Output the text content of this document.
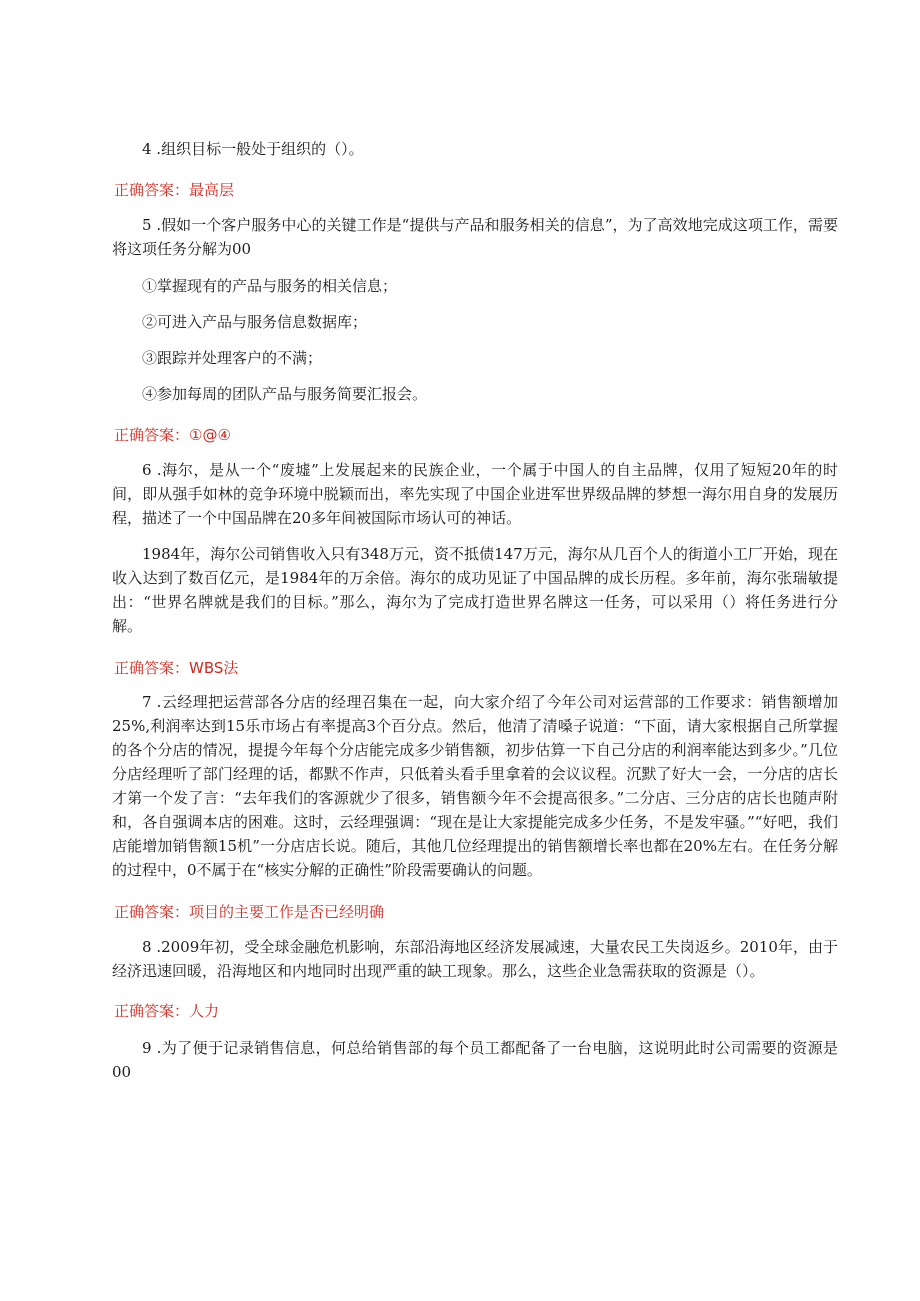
4 .组织目标一般处于组织的（）。

正确答案：最高层

5 .假如一个客户服务中心的关键工作是“提供与产品和服务相关的信息”，为了高效地完成这项工作，需要将这项任务分解为00

①掌握现有的产品与服务的相关信息；

②可进入产品与服务信息数据库；

③跟踪并处理客户的不满；

④参加每周的团队产品与服务简要汇报会。

正确答案：①@④

6 .海尔，是从一个“废墟”上发展起来的民族企业，一个属于中国人的自主品牌，仅用了短短20年的时间，即从强手如林的竞争环境中脱颖而出，率先实现了中国企业进军世界级品牌的梦想一海尔用自身的发展历程，描述了一个中国品牌在20多年间被国际市场认可的神话。

1984年，海尔公司销售收入只有348万元，资不抵债147万元，海尔从几百个人的街道小工厂开始，现在收入达到了数百亿元，是1984年的万余倍。海尔的成功见证了中国品牌的成长历程。多年前，海尔张瑞敏提出：“世界名牌就是我们的目标。”那么，海尔为了完成打造世界名牌这一任务，可以采用（）将任务进行分解。

正确答案：WBS法

7 .云经理把运营部各分店的经理召集在一起，向大家介绍了今年公司对运营部的工作要求：销售额增加25%,利润率达到15乐市场占有率提高3个百分点。然后，他清了清嗓子说道：“下面，请大家根据自己所掌握的各个分店的情况，提提今年每个分店能完成多少销售额，初步估算一下自己分店的利润率能达到多少。”几位分店经理听了部门经理的话，都默不作声，只低着头看手里拿着的会议议程。沉默了好大一会，一分店的店长才第一个发了言：“去年我们的客源就少了很多，销售额今年不会提高很多。”二分店、三分店的店长也随声附和，各自强调本店的困难。这时，云经理强调：“现在是让大家提能完成多少任务，不是发牢骚。”“好吧，我们店能增加销售额15机”一分店店长说。随后，其他几位经理提出的销售额增长率也都在20%左右。在任务分解的过程中，0不属于在“核实分解的正确性”阶段需要确认的问题。

正确答案：项目的主要工作是否已经明确

8 .2009年初，受全球金融危机影响，东部沿海地区经济发展减速，大量农民工失岗返乡。2010年，由于经济迅速回暖，沿海地区和内地同时出现严重的缺工现象。那么，这些企业急需获取的资源是（）。

正确答案：人力

9 .为了便于记录销售信息，何总给销售部的每个员工都配备了一台电脑，这说明此时公司需要的资源是00
